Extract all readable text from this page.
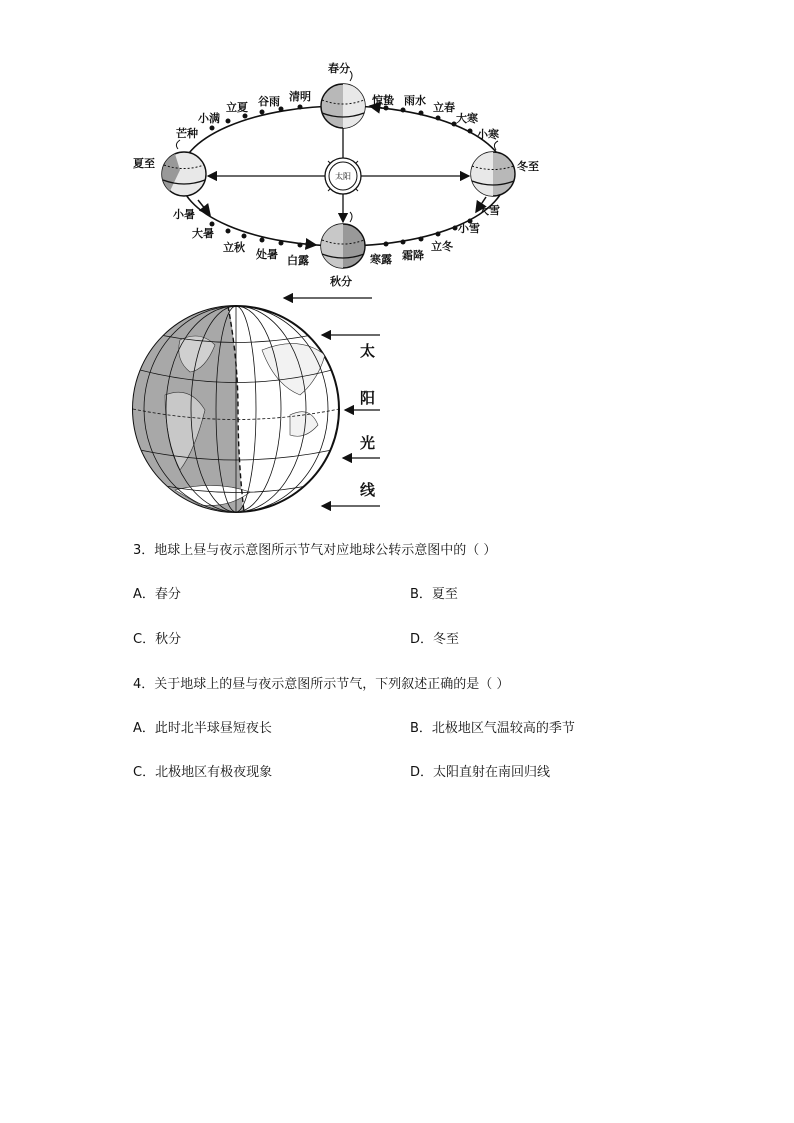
太阳
春分
惊蛰 雨水
立春
大寒
小寒
冬至
大雪
小雪
立冬
霜降
寒露
秋分
白露
处暑
立秋
大暑
小暑
夏至
芒种
小满
立夏 谷雨 清明
太
阳
光
线
3．地球上昼与夜示意图所示节气对应地球公转示意图中的（ ）
A．春分	B．夏至
C．秋分	D．冬至
4．关于地球上的昼与夜示意图所示节气，下列叙述正确的是（ ）
A．此时北半球昼短夜长	B．北极地区气温较高的季节
C．北极地区有极夜现象	D．太阳直射在南回归线
